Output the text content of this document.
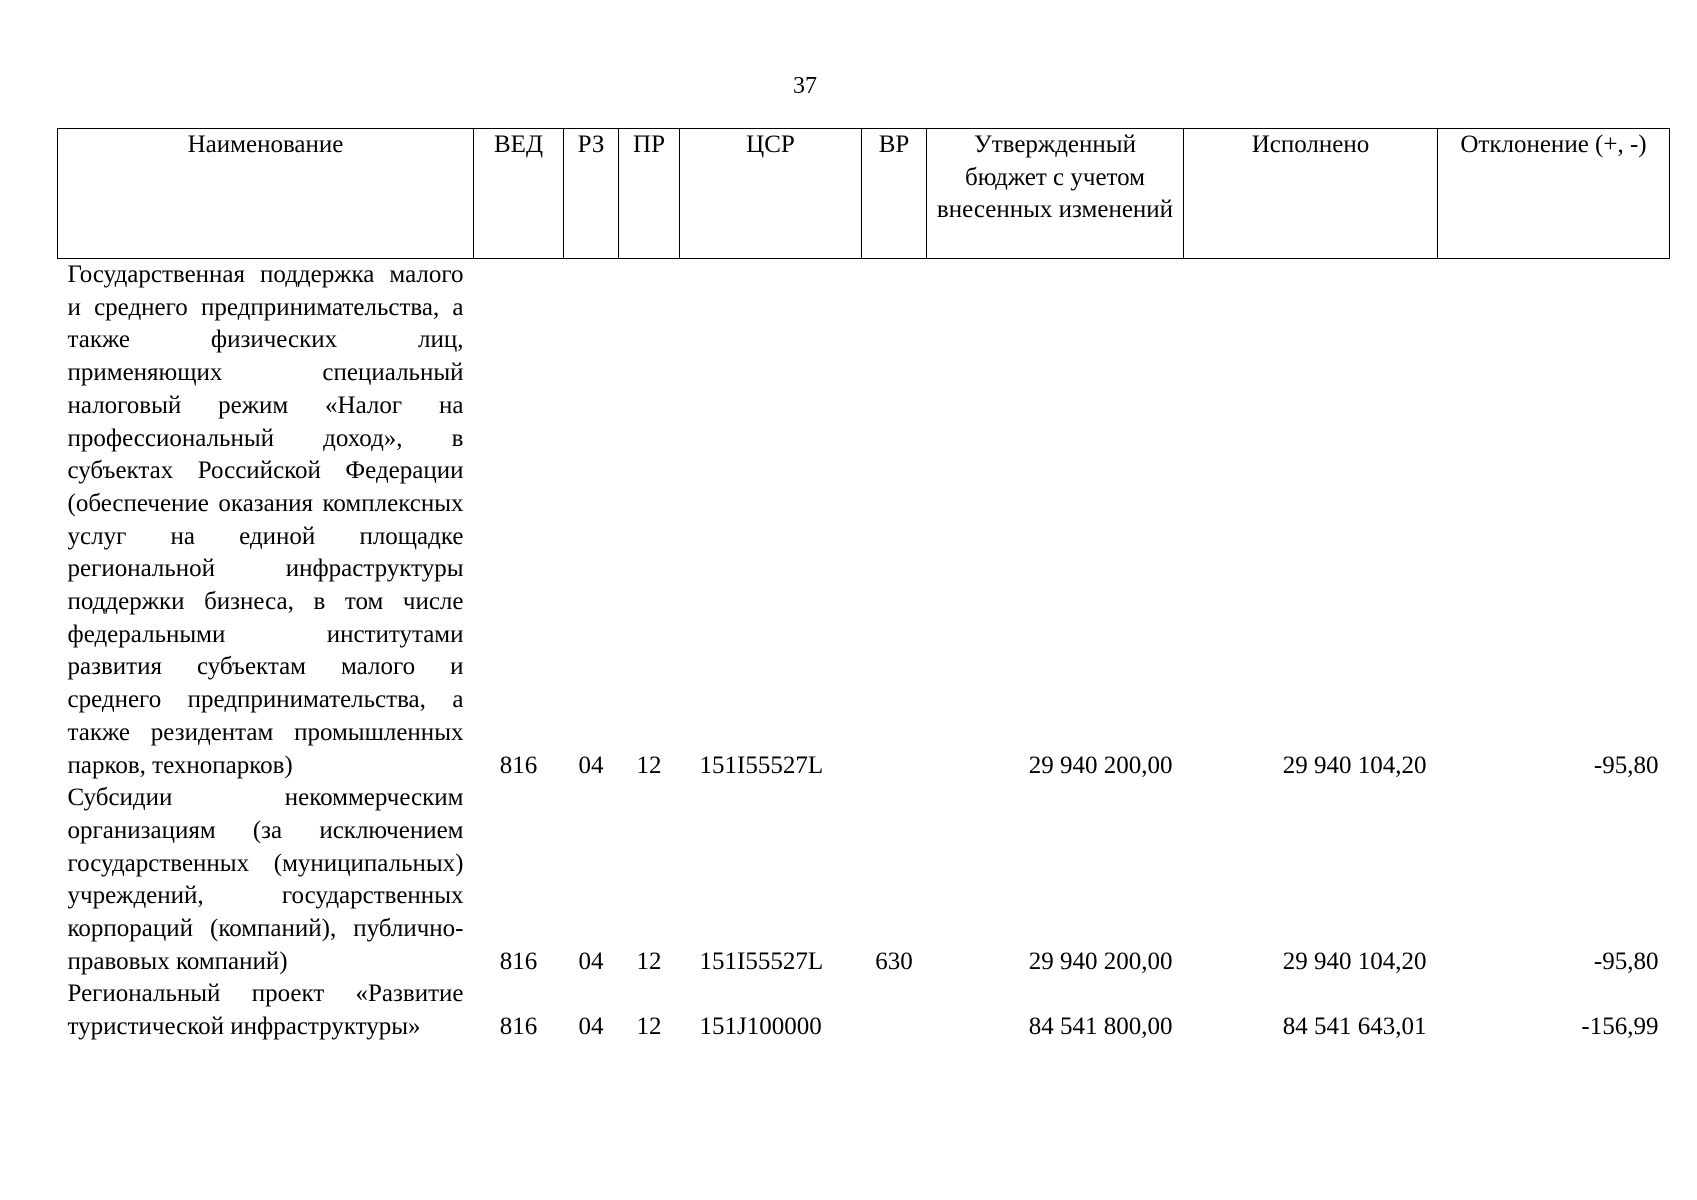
37
Наименование	ВЕД	РЗ	ПР	ЦСР	ВР	Утвержденный бюджет с учетом внесенных изменений	Исполнено	Отклонение (+, -)
Государственная поддержка малого и среднего предпринимательства, а также физических лиц, применяющих специальный налоговый режим «Налог на профессиональный доход», в субъектах Российской Федерации (обеспечение оказания комплексных услуг на единой площадке региональной инфраструктуры поддержки бизнеса, в том числе федеральными институтами развития субъектам малого и среднего предпринимательства, а также резидентам промышленных парков, технопарков)	816	04	12	151I55527L		29 940 200,00	29 940 104,20	-95,80
Субсидии некоммерческим организациям (за исключением государственных (муниципальных) учреждений, государственных корпораций (компаний), публично-правовых компаний)	816	04	12	151I55527L	630	29 940 200,00	29 940 104,20	-95,80
Региональный проект «Развитие туристической инфраструктуры»	816	04	12	151J100000		84 541 800,00	84 541 643,01	-156,99
